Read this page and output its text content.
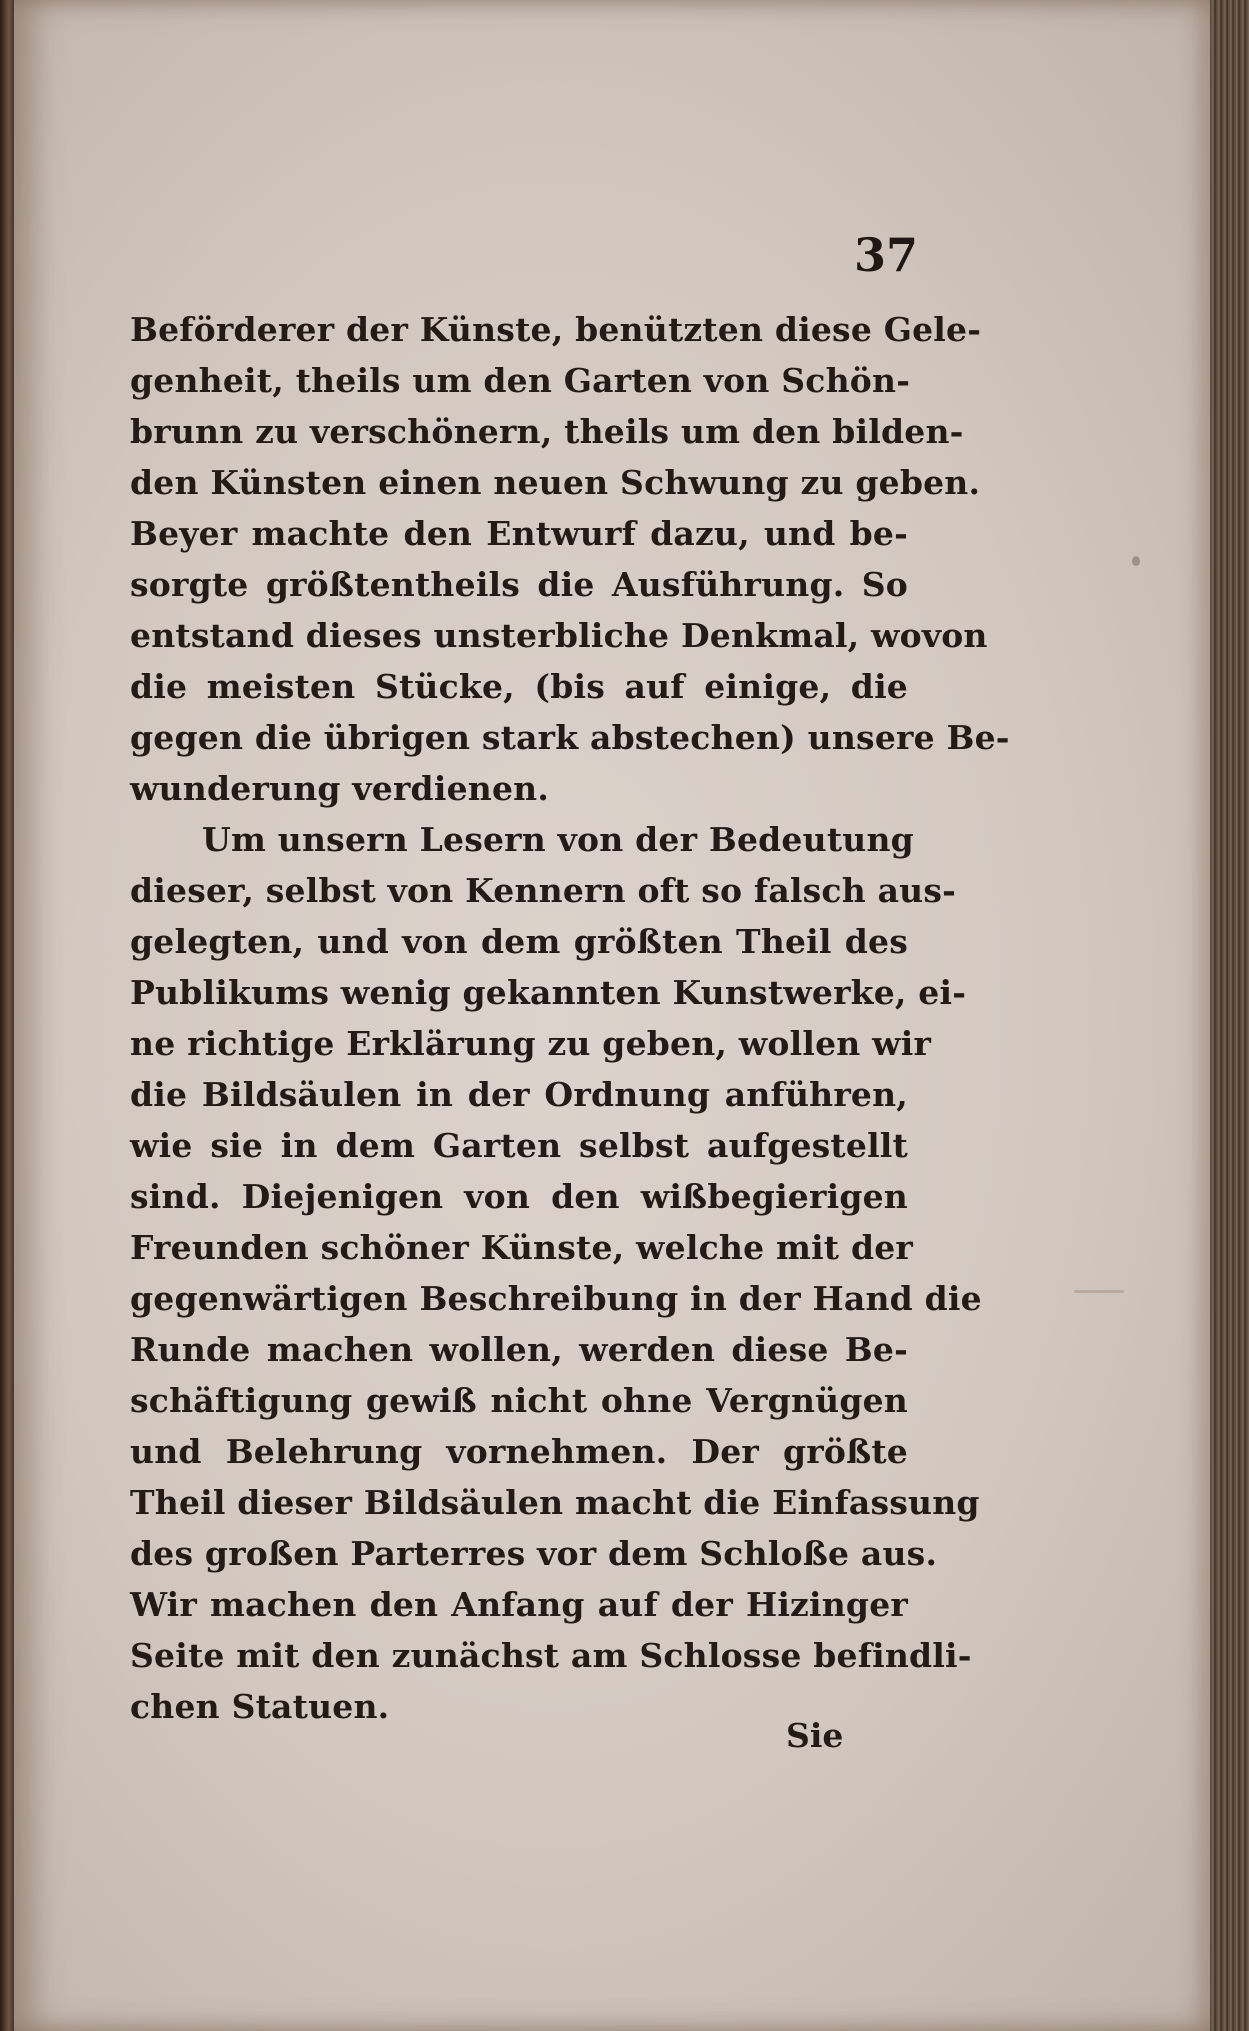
37
Beförderer der Künste, benützten diese Gele-
genheit, theils um den Garten von Schön-
brunn zu verschönern, theils um den bilden-
den Künsten einen neuen Schwung zu geben.
Beyer machte den Entwurf dazu, und be-
sorgte größtentheils die Ausführung. So
entstand dieses unsterbliche Denkmal, wovon
die meisten Stücke, (bis auf einige, die
gegen die übrigen stark abstechen) unsere Be-
wunderung verdienen.
Um unsern Lesern von der Bedeutung
dieser, selbst von Kennern oft so falsch aus-
gelegten, und von dem größten Theil des
Publikums wenig gekannten Kunstwerke, ei-
ne richtige Erklärung zu geben, wollen wir
die Bildsäulen in der Ordnung anführen,
wie sie in dem Garten selbst aufgestellt
sind. Diejenigen von den wißbegierigen
Freunden schöner Künste, welche mit der
gegenwärtigen Beschreibung in der Hand die
Runde machen wollen, werden diese Be-
schäftigung gewiß nicht ohne Vergnügen
und Belehrung vornehmen. Der größte
Theil dieser Bildsäulen macht die Einfassung
des großen Parterres vor dem Schloße aus.
Wir machen den Anfang auf der Hizinger
Seite mit den zunächst am Schlosse befindli-
chen Statuen.
Sie
